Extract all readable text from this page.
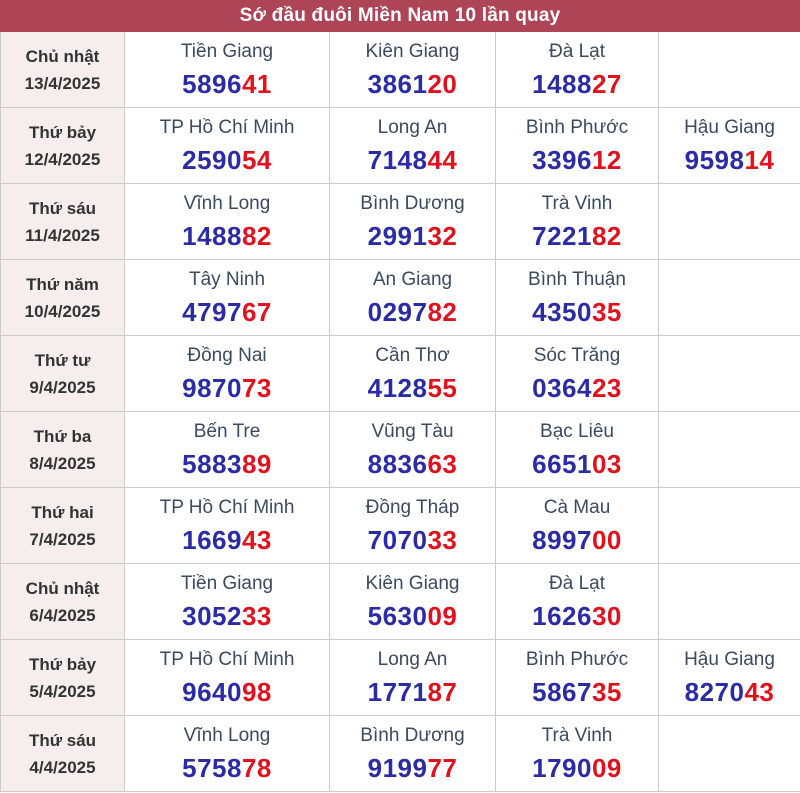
Sớ đầu đuôi Miền Nam 10 lần quay
Chủ nhật
13/4/2025
Tiền Giang
589641
Kiên Giang
386120
Đà Lạt
148827
Thứ bảy
12/4/2025
TP Hồ Chí Minh
259054
Long An
714844
Bình Phước
339612
Hậu Giang
959814
Thứ sáu
11/4/2025
Vĩnh Long
148882
Bình Dương
299132
Trà Vinh
722182
Thứ năm
10/4/2025
Tây Ninh
479767
An Giang
029782
Bình Thuận
435035
Thứ tư
9/4/2025
Đồng Nai
987073
Cần Thơ
412855
Sóc Trăng
036423
Thứ ba
8/4/2025
Bến Tre
588389
Vũng Tàu
883663
Bạc Liêu
665103
Thứ hai
7/4/2025
TP Hồ Chí Minh
166943
Đồng Tháp
707033
Cà Mau
899700
Chủ nhật
6/4/2025
Tiền Giang
305233
Kiên Giang
563009
Đà Lạt
162630
Thứ bảy
5/4/2025
TP Hồ Chí Minh
964098
Long An
177187
Bình Phước
586735
Hậu Giang
827043
Thứ sáu
4/4/2025
Vĩnh Long
575878
Bình Dương
919977
Trà Vinh
179009
